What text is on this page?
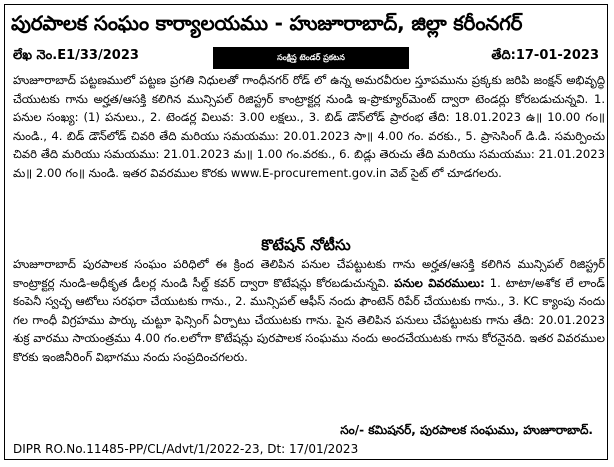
పురపాలక సంఘం కార్యాలయము - హుజూరాబాద్, జిల్లా కరీంనగర్
లేఖ నెం.E1/33/2023	సంక్షిప్త టెండర్ ప్రకటన	తేది:17-01-2023
హుజూరాబాద్ పట్టణములో పట్టణ ప్రగతి నిధులతో గాంధీనగర్ రోడ్ లో ఉన్న అమరవీరుల స్తూపమును ప్రక్కకు జరిపి జంక్షన్ అభివృద్ధి చేయుటకు గాను అర్హత/ఆసక్తి కలిగిన మున్సిపల్ రిజిస్ట్రర్ కాంట్రాక్టర్ల నుండి ఇ-ప్రొక్యూర్‌మెంట్ ద్వారా టెండర్లు కోరబడుచున్నవి. 1. పనుల సంఖ్య: (1) పనులు., 2. టెండర్ల విలువ: 3.00 లక్షలు., 3. బిడ్ డౌన్‌లోడ్ ప్రారంభ తేది: 18.01.2023 ఉ॥ 10.00 గం॥ నుండి., 4. బిడ్ డౌన్‌లోడ్ చివరి తేది మరియు సమయము: 20.01.2023 సా॥ 4.00 గం. వరకు., 5. ప్రాసెసింగ్ డి.డి. సమర్పించు చివరి తేది మరియు సమయము: 21.01.2023 మ॥ 1.00 గం.వరకు., 6. బిడ్లు తెరుచు తేది మరియు సమయము: 21.01.2023 మ॥ 2.00 గం॥ నుండి. ఇతర వివరముల కొరకు www.E-procurement.gov.in వెబ్ సైట్ లో చూడగలరు.
కొటేషన్ నోటీసు
హుజూరాబాద్ పురపాలక సంఘం పరిధిలో ఈ క్రింద తెలిపిన పనుల చేపట్టుటకు గాను అర్హత/ఆసక్తి కలిగిన మున్సిపల్ రిజిస్ట్రర్ కాంట్రాక్టర్ల నుండి-అధీకృత డీలర్ల నుండి సీల్డ్ కవర్ ద్వారా కొటేషన్లు కోరబడుచున్నవి. పనుల వివరములు: 1. టాటా/అశోక లే లాండ్ కంపెనీ స్వచ్ఛ ఆటోలు సరఫరా చేయుటకు గాను., 2. మున్సిపల్ ఆఫీస్ నందు ఫౌంటెన్ రిపేర్ చేయుటకు గాను., 3. KC క్యాంపు నందు గల గాంధీ విగ్రహము పార్కు చుట్టూ ఫెన్సింగ్ ఏర్పాటు చేయుటకు గాను. పైన తెలిపిన పనులు చేపట్టుటకు గాను తేది: 20.01.2023 శుక్ర వారము సాయంత్రము 4.00 గం.లలోగా కొటేషన్లు పురపాలక సంఘము నందు అందచేయుటకు గాను కోరనైనది. ఇతర వివరముల కొరకు ఇంజినీరింగ్ విభాగము నందు సంప్రదించగలరు.
సం/- కమిషనర్, పురపాలక సంఘము, హుజూరాబాద్.
DIPR RO.No.11485-PP/CL/Advt/1/2022-23, Dt: 17/01/2023
